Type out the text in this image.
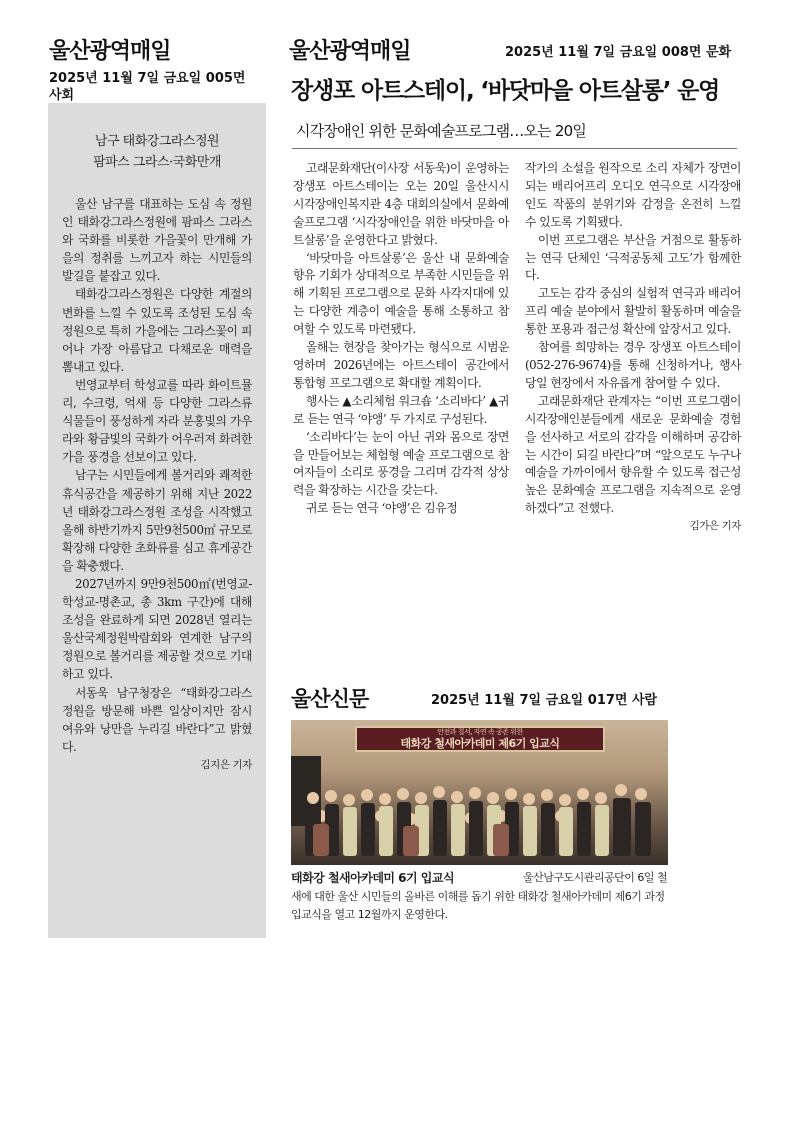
울산광역매일
2025년 11월 7일 금요일 005면
사회
남구 태화강그라스정원
팜파스 그라스·국화만개

울산 남구를 대표하는 도심 속 정원인 태화강그라스정원에 팜파스 그라스와 국화를 비롯한 가을꽃이 만개해 가을의 정취를 느끼고자 하는 시민들의 발길을 붙잡고 있다.

태화강그라스정원은 다양한 계절의 변화를 느낄 수 있도록 조성된 도심 속 정원으로 특히 가을에는 그라스꽃이 피어나 가장 아름답고 다채로운 매력을 뽐내고 있다.

번영교부터 학성교를 따라 화이트뮬리, 수크령, 억새 등 다양한 그라스류 식물들이 풍성하게 자라 분홍빛의 가우라와 황금빛의 국화가 어우러져 화려한 가을 풍경을 선보이고 있다.

남구는 시민들에게 볼거리와 쾌적한 휴식공간을 제공하기 위해 지난 2022년 태화강그라스정원 조성을 시작했고 올해 하반기까지 5만9천500㎡ 규모로 확장해 다양한 초화류를 심고 휴게공간을 확충했다.

2027년까지 9만9천500㎡(번영교-학성교-명촌교, 총 3km 구간)에 대해 조성을 완료하게 되면 2028년 열리는 울산국제정원박람회와 연계한 남구의 정원으로 볼거리를 제공할 것으로 기대하고 있다.

서동욱 남구청장은 “태화강그라스정원을 방문해 바쁜 일상이지만 잠시 여유와 낭만을 누리길 바란다”고 밝혔다.

김지은 기자
울산광역매일	2025년 11월 7일 금요일 008면 문화
장생포 아트스테이, ‘바닷마을 아트살롱’ 운영
시각장애인 위한 문화예술프로그램…오는 20일

고래문화재단(이사장 서동욱)이 운영하는 장생포 아트스테이는 오는 20일 울산시시 시각장애인복지관 4층 대회의실에서 문화예술프로그램 ‘시각장애인을 위한 바닷마을 아트살롱’을 운영한다고 밝혔다.

‘바닷마을 아트살롱’은 울산 내 문화예술 향유 기회가 상대적으로 부족한 시민들을 위해 기획된 프로그램으로 문화 사각지대에 있는 다양한 계층이 예술을 통해 소통하고 참여할 수 있도록 마련됐다.

올해는 현장을 찾아가는 형식으로 시범운영하며 2026년에는 아트스테이 공간에서 통합형 프로그램으로 확대할 계획이다.

행사는 ▲소리체험 워크숍 ‘소리바다’ ▲귀로 듣는 연극 ‘야앵’ 두 가지로 구성된다.

‘소리바다’는 눈이 아닌 귀와 몸으로 장면을 만들어보는 체험형 예술 프로그램으로 참여자들이 소리로 풍경을 그리며 감각적 상상력을 확장하는 시간을 갖는다.

귀로 듣는 연극 ‘야앵’은 김유정

작가의 소설을 원작으로 소리 자체가 장면이 되는 배리어프리 오디오 연극으로 시각장애인도 작품의 분위기와 감정을 온전히 느낄 수 있도록 기획됐다.

이번 프로그램은 부산을 거점으로 활동하는 연극 단체인 ‘극적공동체 고도’가 함께한다.

고도는 감각 중심의 실험적 연극과 배리어프리 예술 분야에서 활발히 활동하며 예술을 통한 포용과 접근성 확산에 앞장서고 있다.

참여를 희망하는 경우 장생포 아트스테이(052-276-9674)를 통해 신청하거나, 행사 당일 현장에서 자유롭게 참여할 수 있다.

고래문화재단 관계자는 “이번 프로그램이 시각장애인분들에게 새로운 문화예술 경험을 선사하고 서로의 감각을 이해하며 공감하는 시간이 되길 바란다”며 “앞으로도 누구나 예술을 가까이에서 향유할 수 있도록 접근성 높은 문화예술 프로그램을 지속적으로 운영하겠다”고 전했다.

김가은 기자
울산신문	2025년 11월 7일 금요일 017면 사람
안전과 질서, 자연 속 공존 위한
태화강 철새아카데미 제6기 입교식
태화강 철새아카데미 6기 입교식	울산남구도시관리공단이 6일 철새에 대한 울산 시민들의 올바른 이해를 돕기 위한 태화강 철새아카데미 제6기 과정 입교식을 열고 12월까지 운영한다.
